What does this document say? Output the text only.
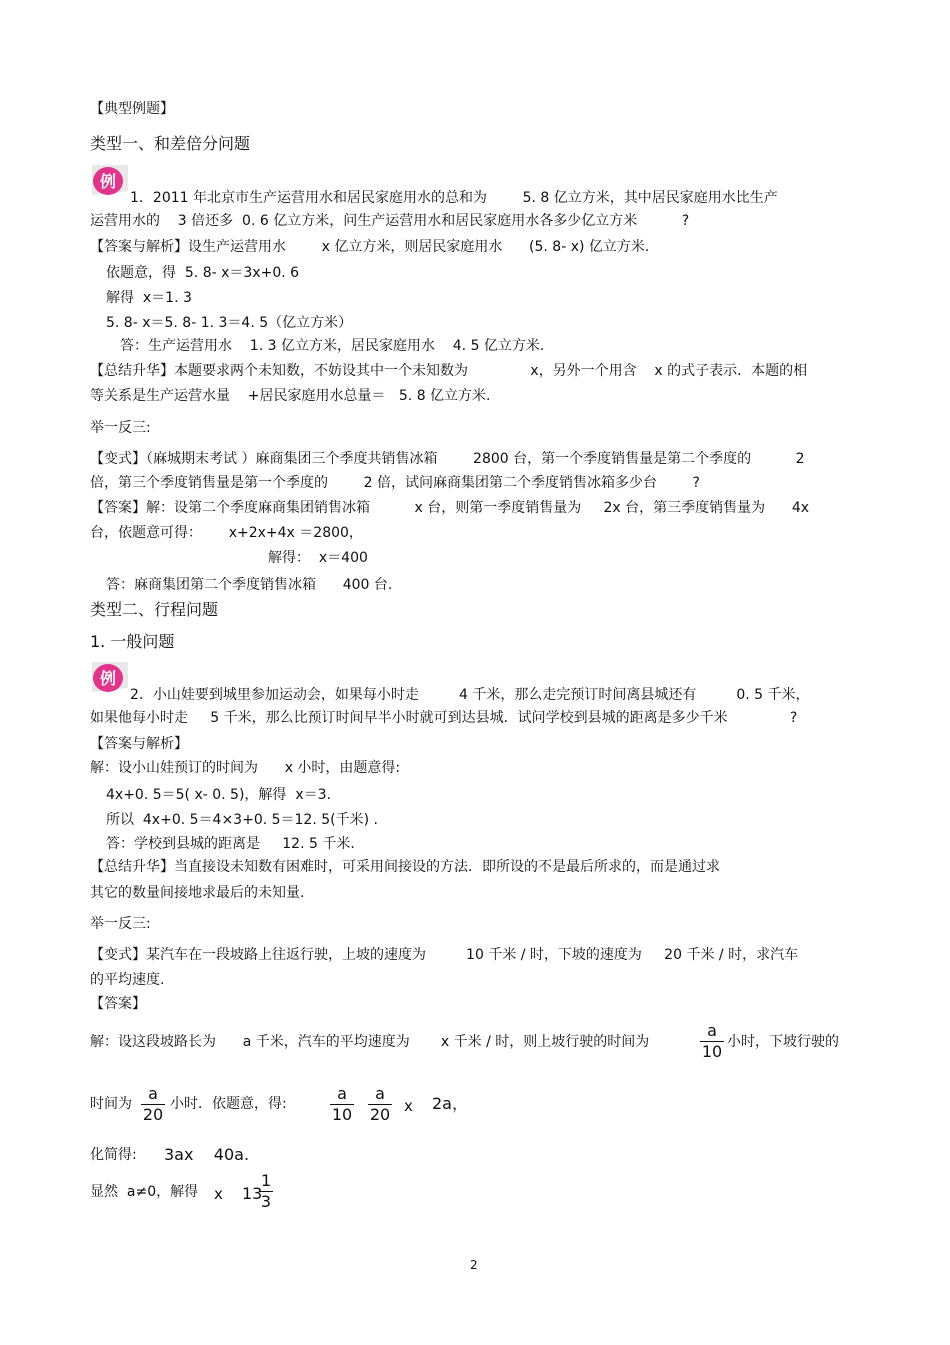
【典型例题】
类型一、和差倍分问题
例
1．2011 年北京市生产运营用水和居民家庭用水的总和为        5. 8 亿立方米，其中居民家庭用水比生产
运营用水的    3 倍还多  0. 6 亿立方米，问生产运营用水和居民家庭用水各多少亿立方米          ?
【答案与解析】设生产运营用水        x 亿立方米，则居民家庭用水      (5. 8- x) 亿立方米.
依题意，得  5. 8- x＝3x+0. 6
解得  x＝1. 3
5. 8- x＝5. 8- 1. 3＝4. 5（亿立方米）
答：生产运营用水    1. 3 亿立方米，居民家庭用水    4. 5 亿立方米.
【总结升华】本题要求两个未知数，不妨设其中一个未知数为              x，另外一个用含    x 的式子表示．本题的相
等关系是生产运营水量    +居民家庭用水总量＝   5. 8 亿立方米.
举一反三:
【变式】（麻城期末考试 ）麻商集团三个季度共销售冰箱        2800 台，第一个季度销售量是第二个季度的          2
倍，第三个季度销售量是第一个季度的        2 倍，试问麻商集团第二个季度销售冰箱多少台        ?
【答案】解：设第二个季度麻商集团销售冰箱          x 台，则第一季度销售量为     2x 台，第三季度销售量为      4x
台，依题意可得：      x+2x+4x ＝2800，
解得：  x＝400
答：麻商集团第二个季度销售冰箱      400 台.
类型二、行程问题
1. 一般问题
例
2．小山娃要到城里参加运动会，如果每小时走         4 千米，那么走完预订时间离县城还有         0. 5 千米，
如果他每小时走     5 千米，那么比预订时间早半小时就可到达县城．试问学校到县城的距离是多少千米              ?
【答案与解析】
解：设小山娃预订的时间为      x 小时，由题意得:
4x+0. 5＝5( x- 0. 5)，解得  x＝3.
所以  4x+0. 5＝4×3+0. 5＝12. 5(千米) .
答：学校到县城的距离是     12. 5 千米.
【总结升华】当直接设未知数有困难时，可采用间接设的方法．即所设的不是最后所求的，而是通过求
其它的数量间接地求最后的未知量.
举一反三:
【变式】某汽车在一段坡路上往返行驶，上坡的速度为         10 千米 / 时，下坡的速度为     20 千米 / 时，求汽车
的平均速度.
【答案】
解：设这段坡路长为      a 千米，汽车的平均速度为       x 千米 / 时，则上坡行驶的时间为
a
10 小时，下坡行驶的
时间为
a
20
小时．依题意，得:
a
10
a
20 x 2a，
化简得: 3ax    40a.
显然  a≠0，解得 x 13
1
3
2
